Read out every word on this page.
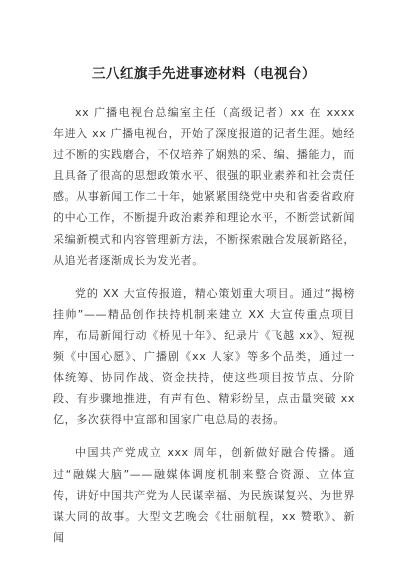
三八红旗手先进事迹材料（电视台）

xx 广播电视台总编室主任（高级记者）xx 在 xxxx 年进入 xx 广播电视台，开始了深度报道的记者生涯。她经过不断的实践磨合，不仅培养了娴熟的采、编、播能力，而且具备了很高的思想政策水平、很强的职业素养和社会责任感。从事新闻工作二十年，她紧紧围绕党中央和省委省政府的中心工作，不断提升政治素养和理论水平，不断尝试新闻采编新模式和内容管理新方法，不断探索融合发展新路径，从追光者逐渐成长为发光者。

党的 XX 大宣传报道，精心策划重大项目。通过“揭榜挂帅”——精品创作扶持机制来建立 XX 大宣传重点项目库，布局新闻行动《桥见十年》、纪录片《飞越 xx》、短视频《中国心愿》、广播剧《xx 人家》等多个品类，通过一体统筹、协同作战、资金扶持，使这些项目按节点、分阶段、有步骤地推进，有声有色、精彩纷呈，点击量突破 xx 亿，多次获得中宣部和国家广电总局的表扬。

中国共产党成立 xxx 周年，创新做好融合传播。通过“融媒大脑”——融媒体调度机制来整合资源、立体宣传，讲好中国共产党为人民谋幸福、为民族谋复兴、为世界谋大同的故事。大型文艺晚会《壮丽航程，xx 赞歌》、新闻
